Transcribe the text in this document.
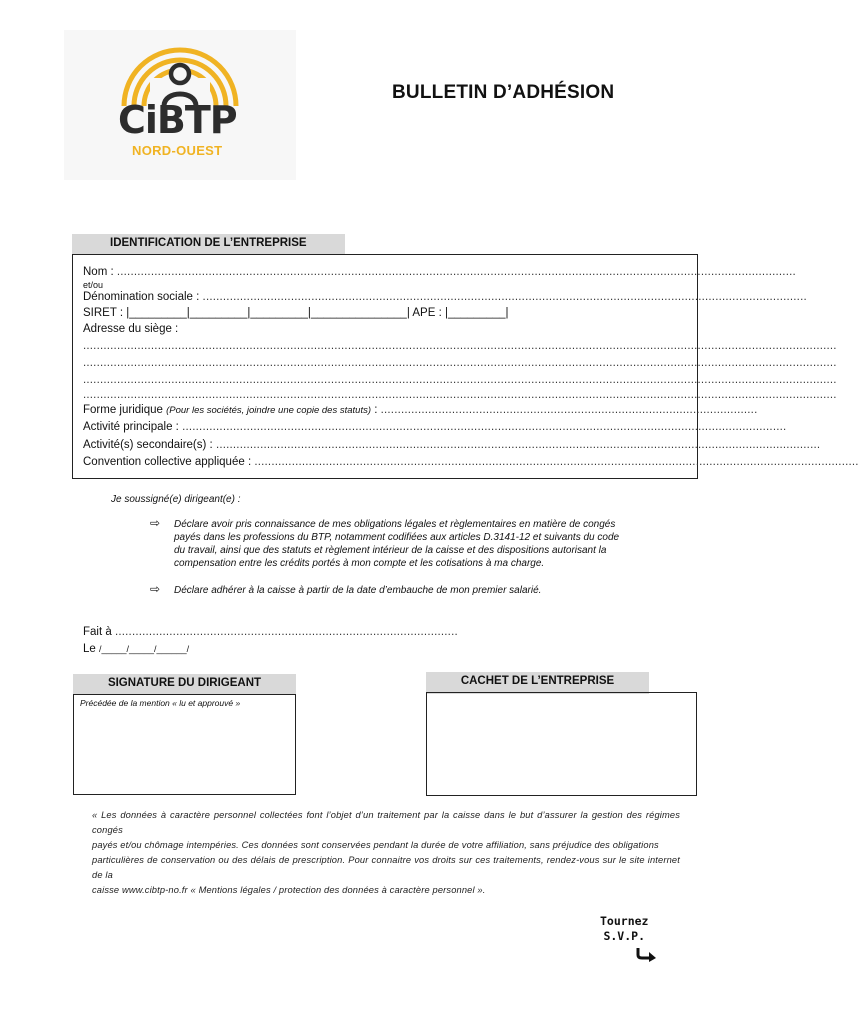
CiBTP
NORD-OUEST
BULLETIN D’ADHÉSION
IDENTIFICATION DE L’ENTREPRISE
Nom : ........................................................................................................................................................................................................
et/ou
Dénomination sociale : ..................................................................................................................................................................................
SIRET : |_________|_________|_________|_______________| APE : |_________|
Adresse du siège :
..............................................................................................................................................................................................................................
..............................................................................................................................................................................................................................
..............................................................................................................................................................................................................................
..............................................................................................................................................................................................................................
Forme juridique (Pour les sociétés, joindre une copie des statuts) : ...............................................................................................................
Activité principale : ..................................................................................................................................................................................
Activité(s) secondaire(s) : ..................................................................................................................................................................................
Convention collective appliquée : ..................................................................................................................................................................................
Je soussigné(e) dirigeant(e) :
⇨ Déclare avoir pris connaissance de mes obligations légales et règlementaires en matière de congés
payés dans les professions du BTP, notamment codifiées aux articles D.3141-12 et suivants du code
du travail, ainsi que des statuts et règlement intérieur de la caisse et des dispositions autorisant la
compensation entre les crédits portés à mon compte et les cotisations à ma charge.
⇨ Déclare adhérer à la caisse à partir de la date d’embauche de mon premier salarié.
Fait à .....................................................................................................
Le /_____/_____/______/
SIGNATURE DU DIRIGEANT
Précédée de la mention « lu et approuvé »
CACHET DE L’ENTREPRISE
« Les données à caractère personnel collectées font l’objet d’un traitement par la caisse dans le but d’assurer la gestion des régimes congés
payés et/ou chômage intempéries. Ces données sont conservées pendant la durée de votre affiliation, sans préjudice des obligations
particulières de conservation ou des délais de prescription. Pour connaitre vos droits sur ces traitements, rendez-vous sur le site internet de la
caisse www.cibtp-no.fr « Mentions légales / protection des données à caractère personnel ».
Tournez
S.V.P.
